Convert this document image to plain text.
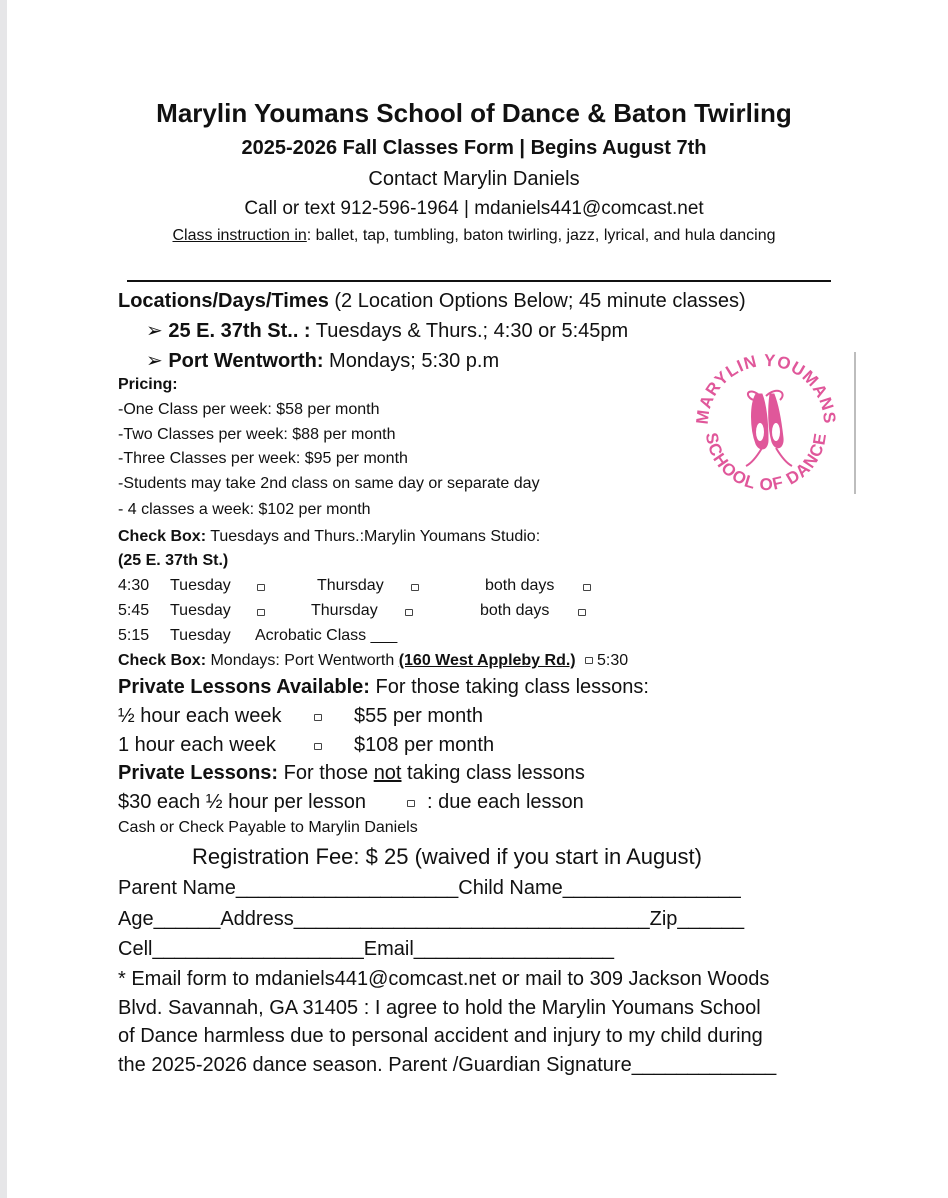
Marylin Youmans School of Dance & Baton Twirling
2025-2026 Fall Classes Form | Begins August 7th
Contact Marylin Daniels
Call or text 912-596-1964 | mdaniels441@comcast.net
Class instruction in: ballet, tap, tumbling, baton twirling, jazz, lyrical, and hula dancing
Locations/Days/Times (2 Location Options Below; 45 minute classes)
➢ 25 E. 37th St.. : Tuesdays & Thurs.; 4:30 or 5:45pm
➢ Port Wentworth: Mondays; 5:30 p.m
MARYLIN YOUMANS
SCHOOL OF DANCE
Pricing:
-One Class per week: $58 per month
-Two Classes per week: $88 per month
-Three Classes per week: $95 per month
-Students may take 2nd class on same day or separate day
- 4 classes a week: $102 per month
Check Box: Tuesdays and Thurs.:Marylin Youmans Studio:
(25 E. 37th St.)
4:30 Tuesday	Thursday	both days
5:45 Tuesday	Thursday	both days
5:15 Tuesday Acrobatic Class ___
Check Box: Mondays: Port Wentworth (160 West Appleby Rd.) 5:30
Private Lessons Available: For those taking class lessons:
½ hour each week	$55 per month
1 hour each week	$108 per month
Private Lessons: For those not taking class lessons
$30 each ½ hour per lesson	: due each lesson
Cash or Check Payable to Marylin Daniels
Registration Fee: $ 25 (waived if you start in August)
Parent Name____________________Child Name________________
Age______Address________________________________Zip______
Cell___________________Email__________________
* Email form to mdaniels441@comcast.net or mail to 309 Jackson Woods
Blvd. Savannah, GA 31405 : I agree to hold the Marylin Youmans School
of Dance harmless due to personal accident and injury to my child during
the 2025-2026 dance season. Parent /Guardian Signature_____________
